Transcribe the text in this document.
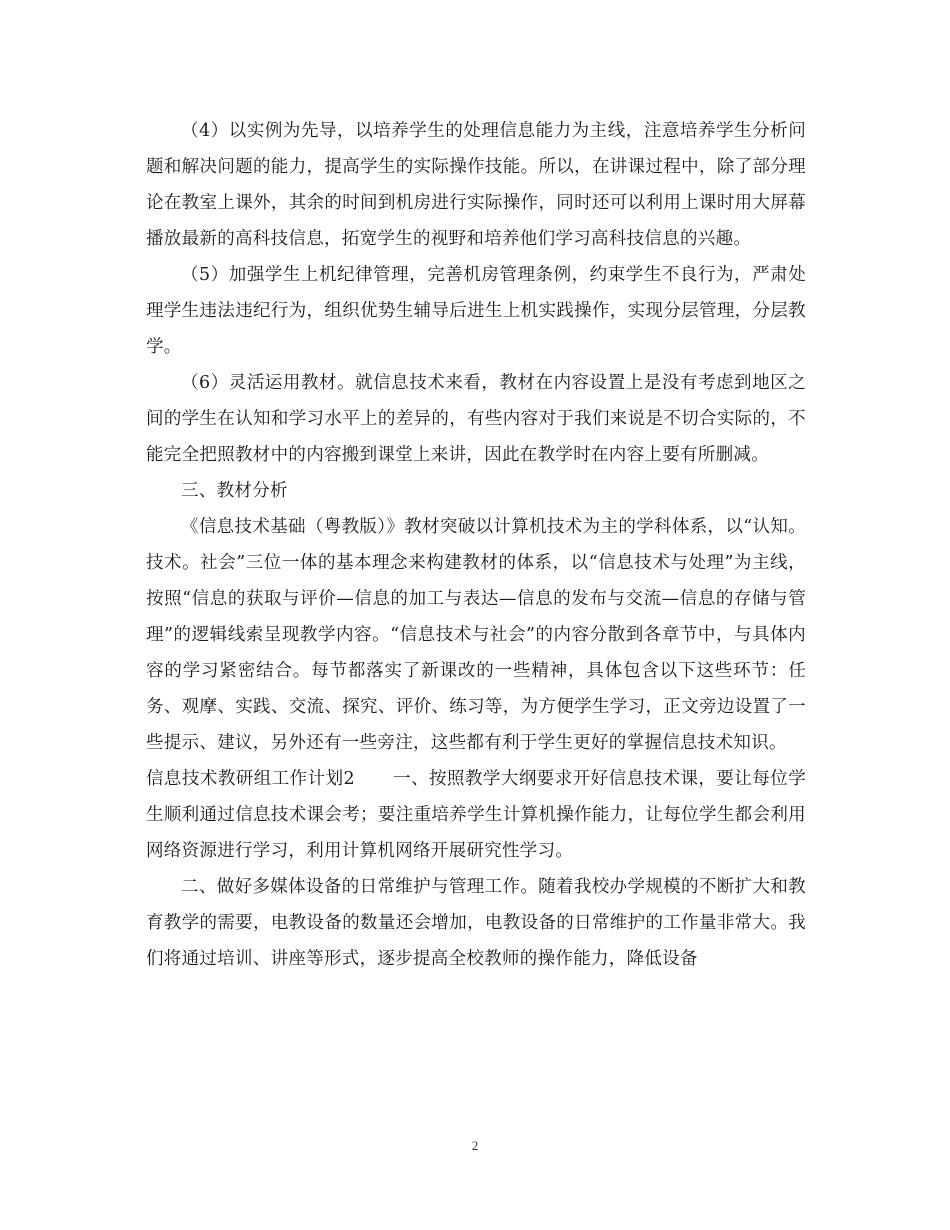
（4）以实例为先导，以培养学生的处理信息能力为主线，注意培养学生分析问题和解决问题的能力，提高学生的实际操作技能。所以，在讲课过程中，除了部分理论在教室上课外，其余的时间到机房进行实际操作，同时还可以利用上课时用大屏幕播放最新的高科技信息，拓宽学生的视野和培养他们学习高科技信息的兴趣。

（5）加强学生上机纪律管理，完善机房管理条例，约束学生不良行为，严肃处理学生违法违纪行为，组织优势生辅导后进生上机实践操作，实现分层管理，分层教学。

（6）灵活运用教材。就信息技术来看，教材在内容设置上是没有考虑到地区之间的学生在认知和学习水平上的差异的，有些内容对于我们来说是不切合实际的，不能完全把照教材中的内容搬到课堂上来讲，因此在教学时在内容上要有所删减。

三、教材分析

《信息技术基础（粤教版）》教材突破以计算机技术为主的学科体系，以“认知。技术。社会”三位一体的基本理念来构建教材的体系，以“信息技术与处理”为主线，按照“信息的获取与评价—信息的加工与表达—信息的发布与交流—信息的存储与管理”的逻辑线索呈现教学内容。“信息技术与社会”的内容分散到各章节中，与具体内容的学习紧密结合。每节都落实了新课改的一些精神，具体包含以下这些环节：任务、观摩、实践、交流、探究、评价、练习等，为方便学生学习，正文旁边设置了一些提示、建议，另外还有一些旁注，这些都有利于学生更好的掌握信息技术知识。

信息技术教研组工作计划2 一、按照教学大纲要求开好信息技术课，要让每位学生顺利通过信息技术课会考；要注重培养学生计算机操作能力，让每位学生都会利用网络资源进行学习，利用计算机网络开展研究性学习。

二、做好多媒体设备的日常维护与管理工作。随着我校办学规模的不断扩大和教育教学的需要，电教设备的数量还会增加，电教设备的日常维护的工作量非常大。我们将通过培训、讲座等形式，逐步提高全校教师的操作能力，降低设备

2
